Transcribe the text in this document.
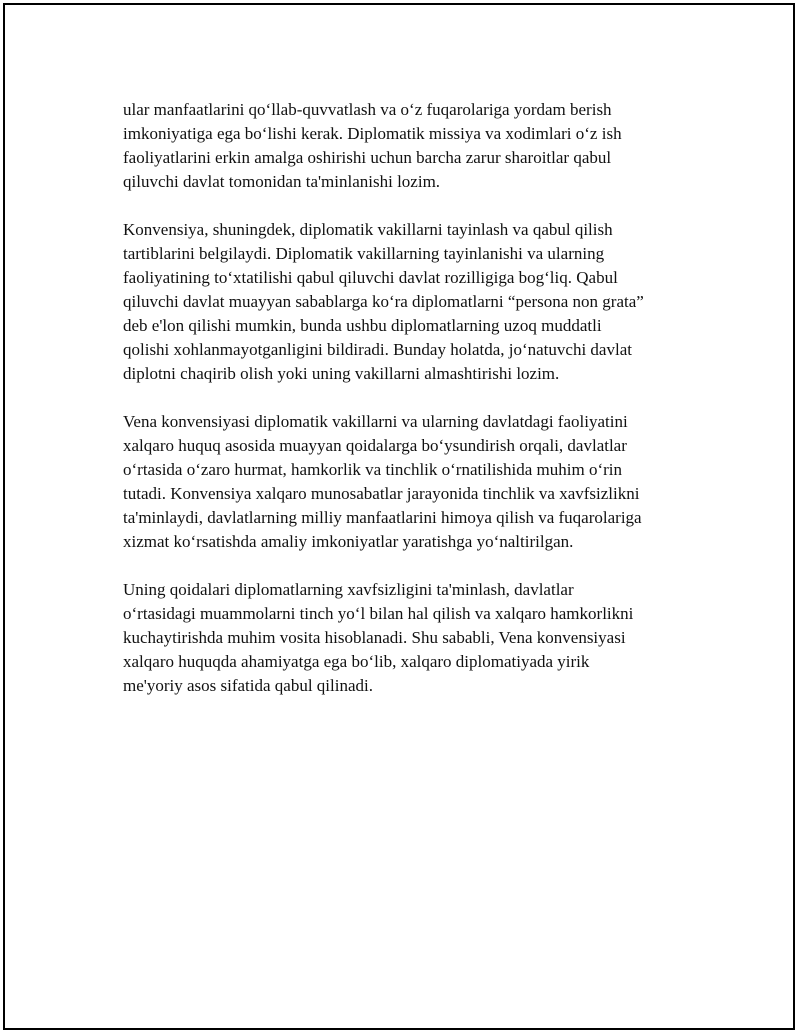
ular manfaatlarini qo‘llab-quvvatlash va o‘z fuqarolariga yordam berish
imkoniyatiga ega bo‘lishi kerak. Diplomatik missiya va xodimlari o‘z ish
faoliyatlarini erkin amalga oshirishi uchun barcha zarur sharoitlar qabul
qiluvchi davlat tomonidan ta'minlanishi lozim.

Konvensiya, shuningdek, diplomatik vakillarni tayinlash va qabul qilish
tartiblarini belgilaydi. Diplomatik vakillarning tayinlanishi va ularning
faoliyatining to‘xtatilishi qabul qiluvchi davlat rozilligiga bog‘liq. Qabul
qiluvchi davlat muayyan sabablarga ko‘ra diplomatlarni “persona non grata”
deb e'lon qilishi mumkin, bunda ushbu diplomatlarning uzoq muddatli
qolishi xohlanmayotganligini bildiradi. Bunday holatda, jo‘natuvchi davlat
diplotni chaqirib olish yoki uning vakillarni almashtirishi lozim.

Vena konvensiyasi diplomatik vakillarni va ularning davlatdagi faoliyatini
xalqaro huquq asosida muayyan qoidalarga bo‘ysundirish orqali, davlatlar
o‘rtasida o‘zaro hurmat, hamkorlik va tinchlik o‘rnatilishida muhim o‘rin
tutadi. Konvensiya xalqaro munosabatlar jarayonida tinchlik va xavfsizlikni
ta'minlaydi, davlatlarning milliy manfaatlarini himoya qilish va fuqarolariga
xizmat ko‘rsatishda amaliy imkoniyatlar yaratishga yo‘naltirilgan.

Uning qoidalari diplomatlarning xavfsizligini ta'minlash, davlatlar
o‘rtasidagi muammolarni tinch yo‘l bilan hal qilish va xalqaro hamkorlikni
kuchaytirishda muhim vosita hisoblanadi. Shu sababli, Vena konvensiyasi
xalqaro huquqda ahamiyatga ega bo‘lib, xalqaro diplomatiyada yirik
me'yoriy asos sifatida qabul qilinadi.
